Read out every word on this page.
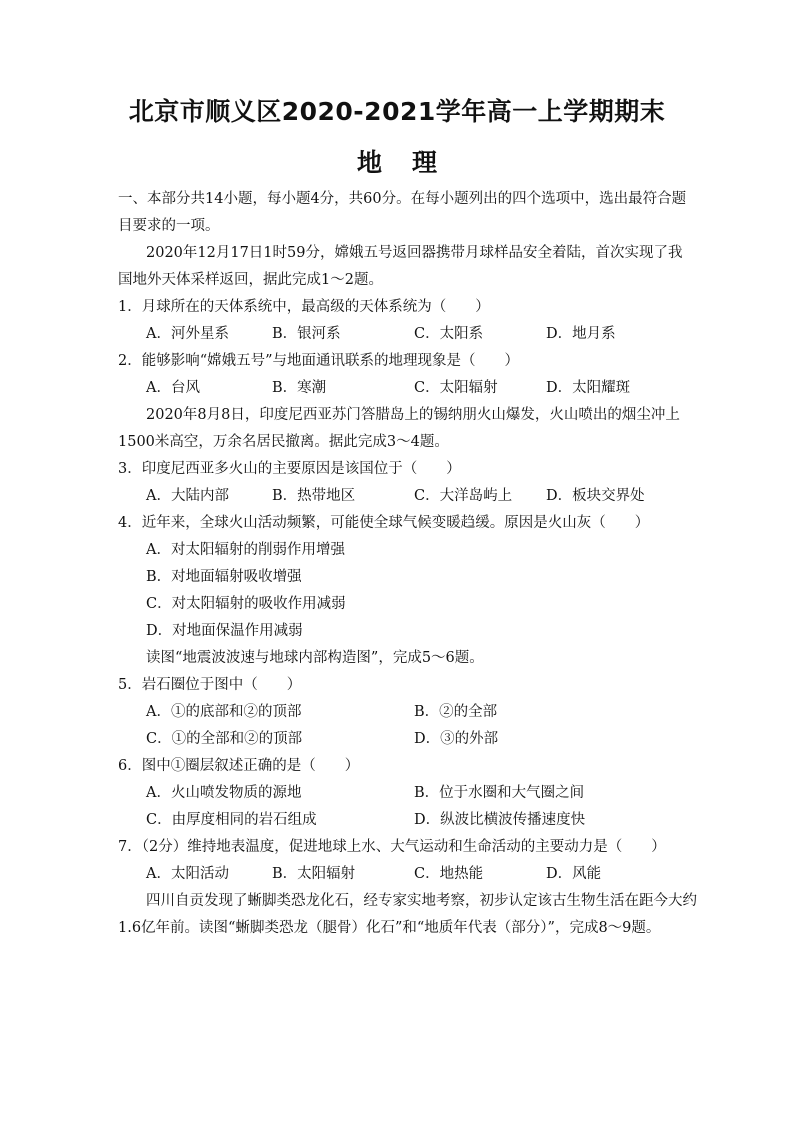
北京市顺义区2020-2021学年高一上学期期末
地理
一、本部分共14小题，每小题4分，共60分。在每小题列出的四个选项中，选出最符合题
目要求的一项。
2020年12月17日1时59分，嫦娥五号返回器携带月球样品安全着陆，首次实现了我
国地外天体采样返回，据此完成1～2题。
1．月球所在的天体系统中，最高级的天体系统为（　　）
A．河外星系	B．银河系	C．太阳系	D．地月系
2．能够影响“嫦娥五号”与地面通讯联系的地理现象是（　　）
A．台风	B．寒潮	C．太阳辐射	D．太阳耀斑
2020年8月8日，印度尼西亚苏门答腊岛上的锡纳朋火山爆发，火山喷出的烟尘冲上
1500米高空，万余名居民撤离。据此完成3～4题。
3．印度尼西亚多火山的主要原因是该国位于（　　）
A．大陆内部	B．热带地区	C．大洋岛屿上 D．板块交界处
4．近年来，全球火山活动频繁，可能使全球气候变暖趋缓。原因是火山灰（　　）
A．对太阳辐射的削弱作用增强
B．对地面辐射吸收增强
C．对太阳辐射的吸收作用减弱
D．对地面保温作用减弱
读图“地震波波速与地球内部构造图”，完成5～6题。
5．岩石圈位于图中（　　）
A．①的底部和②的顶部	B．②的全部
C．①的全部和②的顶部	D．③的外部
6．图中①圈层叙述正确的是（　　）
A．火山喷发物质的源地	B．位于水圈和大气圈之间
C．由厚度相同的岩石组成	D．纵波比横波传播速度快
7．（2分）维持地表温度，促进地球上水、大气运动和生命活动的主要动力是（　　）
A．太阳活动	B．太阳辐射	C．地热能	D．风能
四川自贡发现了蜥脚类恐龙化石，经专家实地考察，初步认定该古生物生活在距今大约
1.6亿年前。读图“蜥脚类恐龙（腿骨）化石”和“地质年代表（部分）”，完成8～9题。
